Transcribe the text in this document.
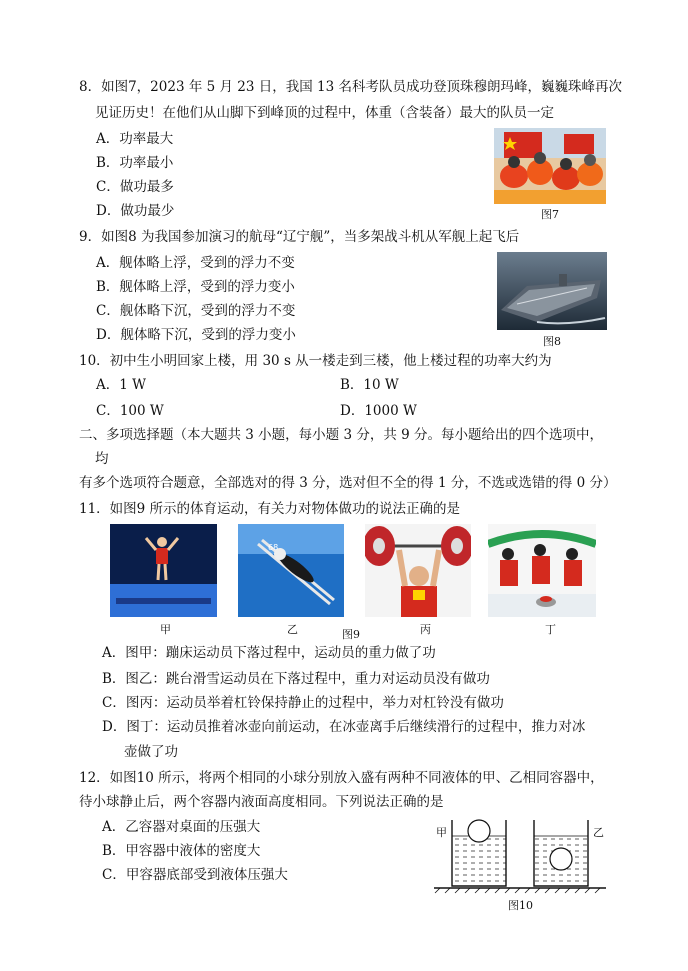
8．如图7，2023 年 5 月 23 日，我国 13 名科考队员成功登顶珠穆朗玛峰，巍巍珠峰再次
见证历史！在他们从山脚下到峰顶的过程中，体重（含装备）最大的队员一定
A．功率最大
B．功率最小
C．做功最多
D．做功最少	图7
9．如图8 为我国参加演习的航母“辽宁舰”，当多架战斗机从军舰上起飞后
A．舰体略上浮，受到的浮力不变
B．舰体略上浮，受到的浮力变小
C．舰体略下沉，受到的浮力不变
D．舰体略下沉，受到的浮力变小	图8
10．初中生小明回家上楼，用 30 s 从一楼走到三楼，他上楼过程的功率大约为
A．1 W	B．10 W
C．100 W	D．1000 W
二、多项选择题（本大题共 3 小题，每小题 3 分，共 9 分。每小题给出的四个选项中，
均
有多个选项符合题意，全部选对的得 3 分，选对但不全的得 1 分，不选或选错的得 0 分）
11．如图9 所示的体育运动，有关力对物体做功的说法正确的是
68
甲	乙	图9	丙	丁
A．图甲：蹦床运动员下落过程中，运动员的重力做了功
B．图乙：跳台滑雪运动员在下落过程中，重力对运动员没有做功
C．图丙：运动员举着杠铃保持静止的过程中，举力对杠铃没有做功
D．图丁：运动员推着冰壶向前运动，在冰壶离手后继续滑行的过程中，推力对冰
壶做了功
12．如图10 所示，将两个相同的小球分别放入盛有两种不同液体的甲、乙相同容器中，
待小球静止后，两个容器内液面高度相同。下列说法正确的是
A．乙容器对桌面的压强大
B．甲容器中液体的密度大
C．甲容器底部受到液体压强大
甲	乙
图10
